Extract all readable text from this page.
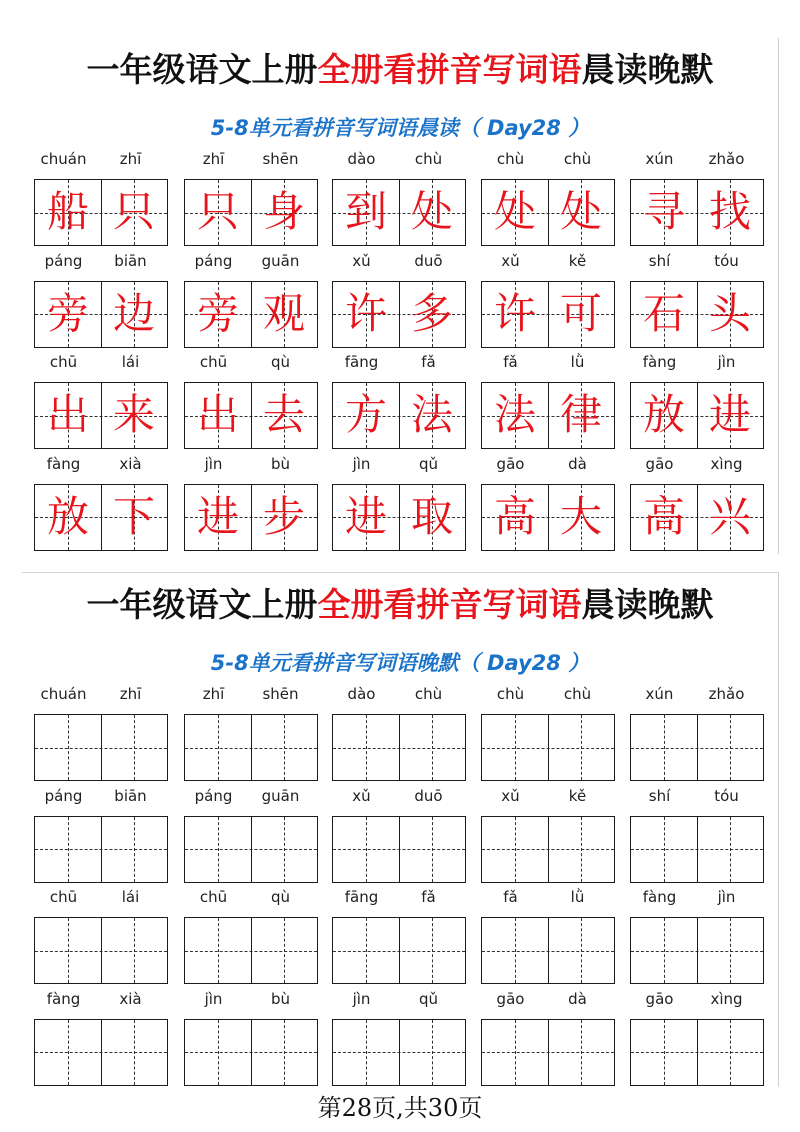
一年级语文上册全册看拼音写词语晨读晚默
5-8单元看拼音写词语晨读（ Day28 ）
chuán	zhī
船 只
zhī	shēn
只 身
dào	chù
到 处
chù	chù
处 处
xún	zhǎo
寻 找
páng	biān
旁 边
páng	guān
旁 观
xǔ	duō
许 多
xǔ	kě
许 可
shí	tóu
石 头
chū	lái
出 来
chū	qù
出 去
fāng	fǎ
方 法
fǎ	lǜ
法 律
fàng	jìn
放 进
fàng	xià
放 下
jìn	bù
进 步
jìn	qǔ
进 取
gāo	dà
高 大
gāo	xìng
高 兴
一年级语文上册全册看拼音写词语晨读晚默
5-8单元看拼音写词语晚默（ Day28 ）
chuán	zhī	zhī	shēn	dào	chù	chù	chù	xún	zhǎo
páng	biān	páng	guān	xǔ	duō	xǔ	kě	shí	tóu
chū	lái	chū	qù	fāng	fǎ	fǎ	lǜ	fàng	jìn
fàng	xià	jìn	bù	jìn	qǔ	gāo	dà	gāo	xìng
第28页,共30页
